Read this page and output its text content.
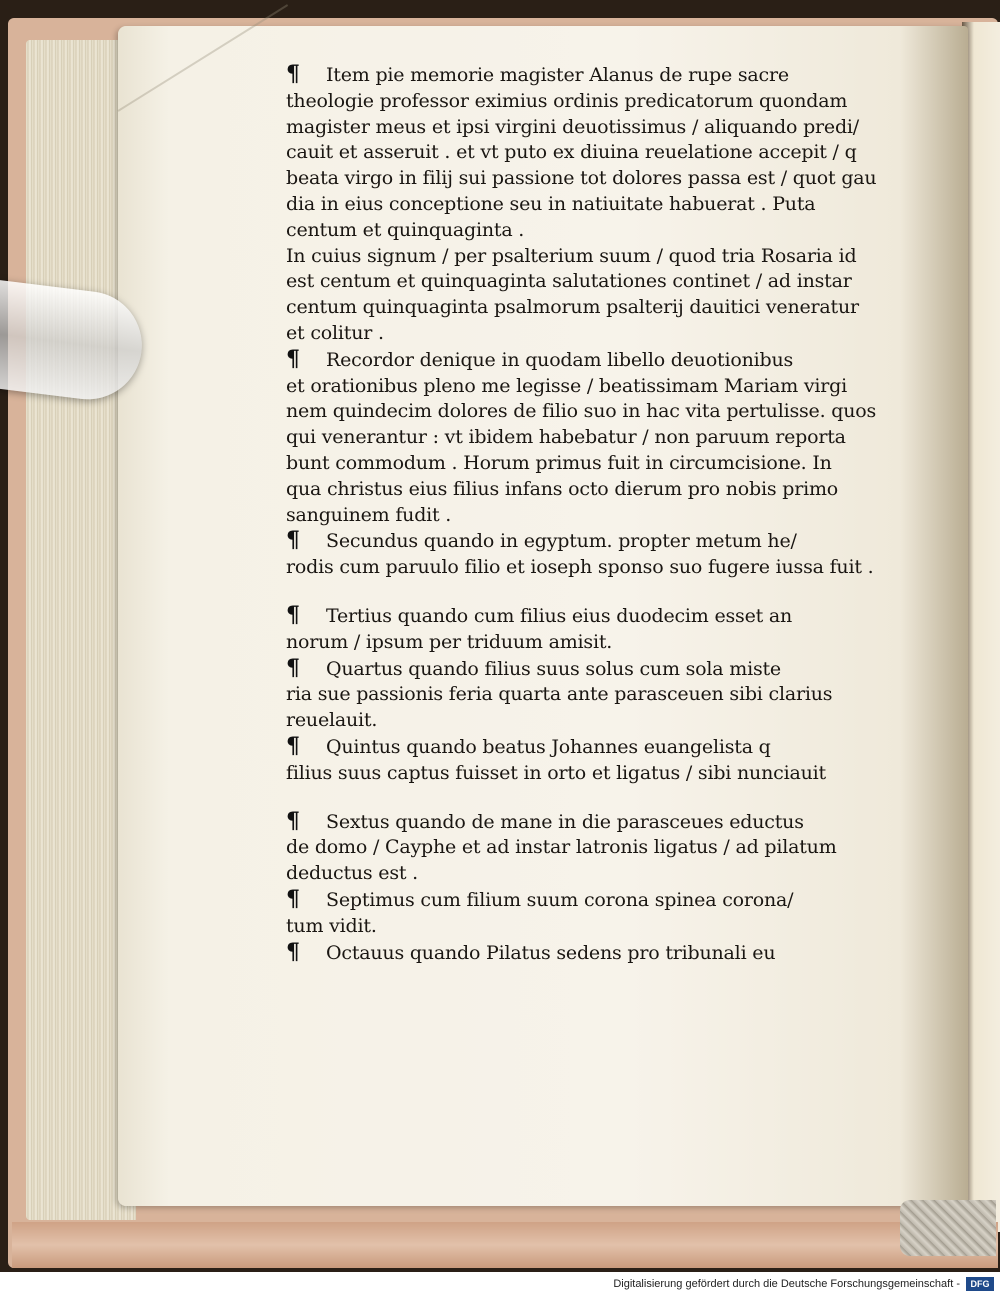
¶ Item pie memorie magister Alanus de rupe sacre
theologie professor eximius ordinis predicatorum quondam
magister meus et ipsi virgini deuotissimus / aliquando predi/
cauit et asseruit . et vt puto ex diuina reuelatione accepit / q
beata virgo in filij sui passione tot dolores passa est / quot gau
dia in eius conceptione seu in natiuitate habuerat . Puta
centum et quinquaginta .
In cuius signum / per psalterium suum / quod tria Rosaria id
est centum et quinquaginta salutationes continet / ad instar
centum quinquaginta psalmorum psalterij dauitici veneratur
et colitur .
¶ Recordor denique in quodam libello deuotionibus
et orationibus pleno me legisse / beatissimam Mariam virgi
nem quindecim dolores de filio suo in hac vita pertulisse. quos
qui venerantur : vt ibidem habebatur / non paruum reporta
bunt commodum . Horum primus fuit in circumcisione. In
qua christus eius filius infans octo dierum pro nobis primo
sanguinem fudit .
¶ Secundus quando in egyptum. propter metum he/
rodis cum paruulo filio et ioseph sponso suo fugere iussa fuit .
¶ Tertius quando cum filius eius duodecim esset an
norum / ipsum per triduum amisit.
¶ Quartus quando filius suus solus cum sola miste
ria sue passionis feria quarta ante parasceuen sibi clarius
reuelauit.
¶ Quintus quando beatus Johannes euangelista q
filius suus captus fuisset in orto et ligatus / sibi nunciauit
¶ Sextus quando de mane in die parasceues eductus
de domo / Cayphe et ad instar latronis ligatus / ad pilatum
deductus est .
¶ Septimus cum filium suum corona spinea corona/
tum vidit.
¶ Octauus quando Pilatus sedens pro tribunali eu
Digitalisierung gefördert durch die Deutsche Forschungsgemeinschaft -	DFG
